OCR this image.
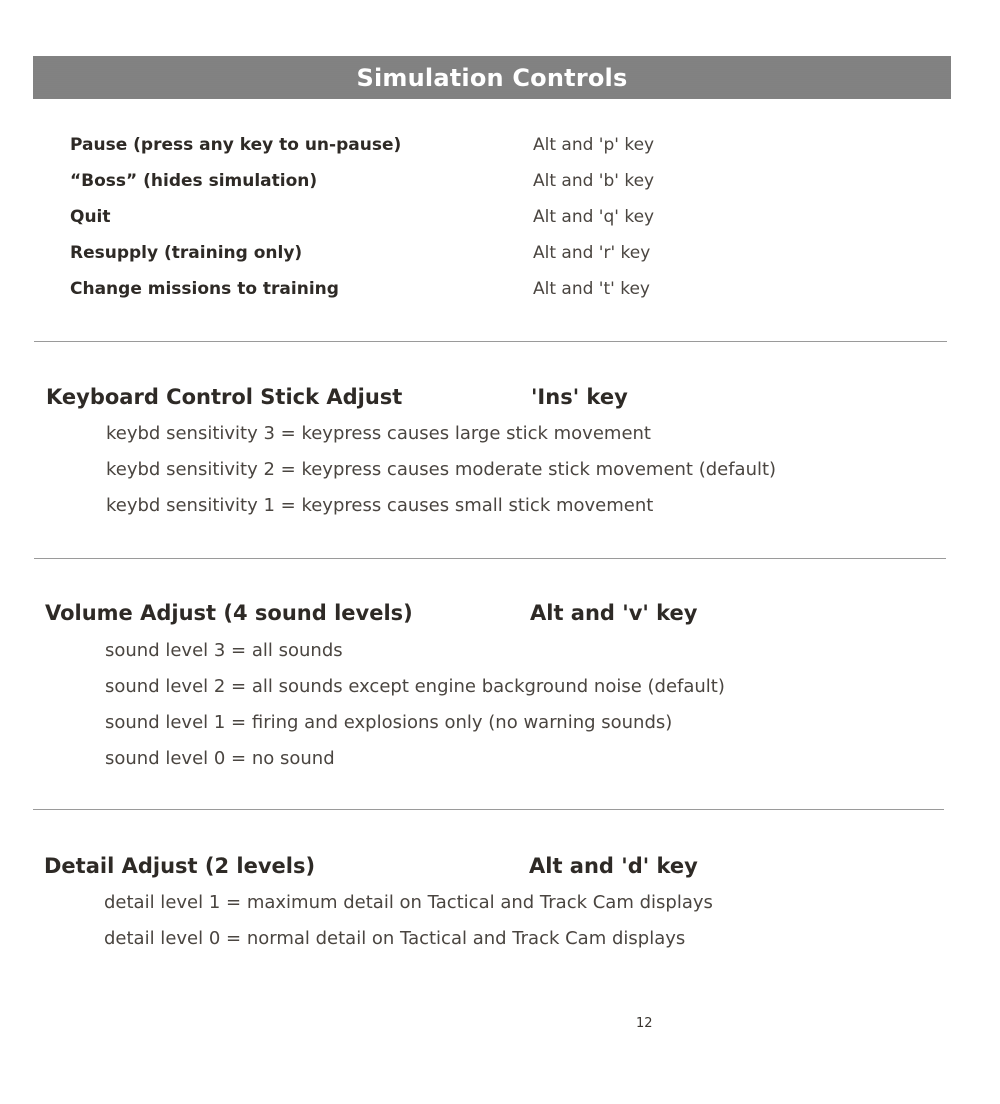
Simulation Controls
Pause (press any key to un-pause)	Alt and 'p' key
“Boss” (hides simulation)	Alt and 'b' key
Quit	Alt and 'q' key
Resupply (training only)	Alt and 'r' key
Change missions to training	Alt and 't' key
Keyboard Control Stick Adjust	'Ins' key
keybd sensitivity 3 = keypress causes large stick movement
keybd sensitivity 2 = keypress causes moderate stick movement (default)
keybd sensitivity 1 = keypress causes small stick movement
Volume Adjust (4 sound levels)	Alt and 'v' key
sound level 3 = all sounds
sound level 2 = all sounds except engine background noise (default)
sound level 1 = firing and explosions only (no warning sounds)
sound level 0 = no sound
Detail Adjust (2 levels)	Alt and 'd' key
detail level 1 = maximum detail on Tactical and Track Cam displays
detail level 0 = normal detail on Tactical and Track Cam displays
12
